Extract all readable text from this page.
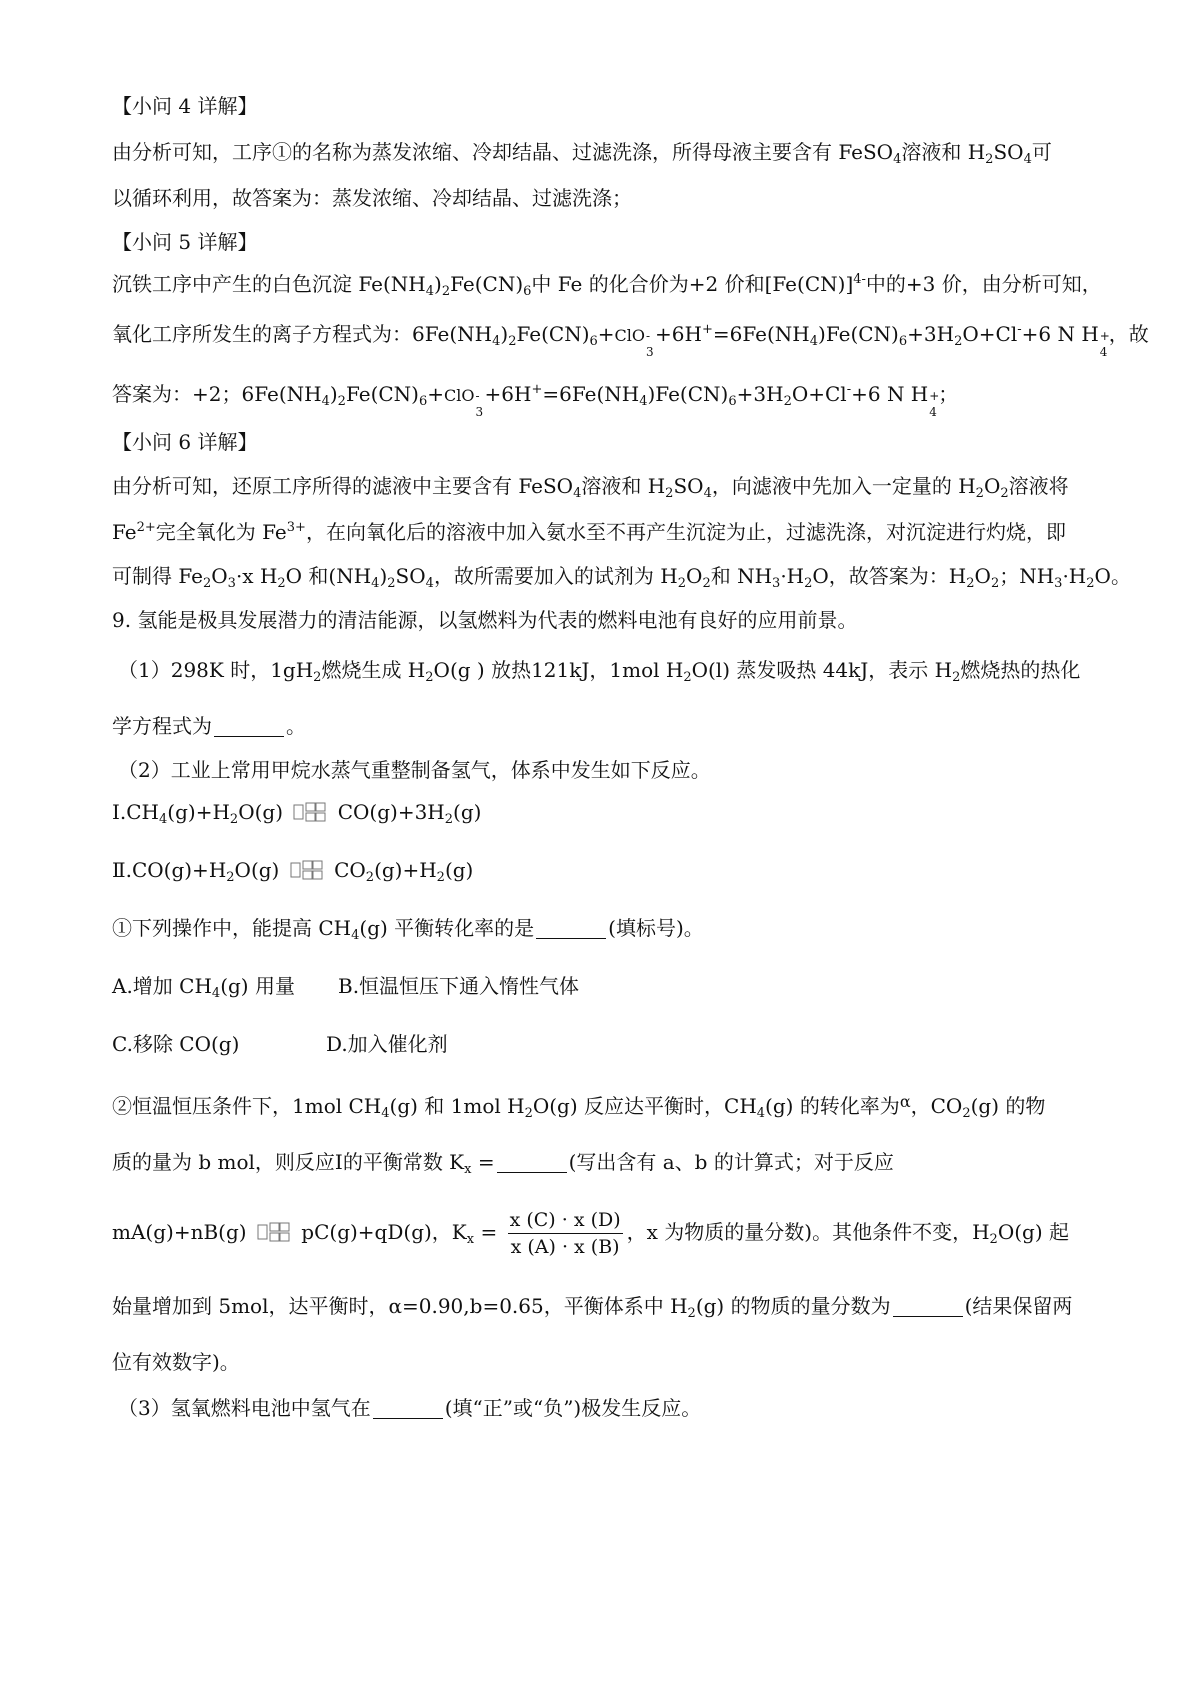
【小问 4 详解】
由分析可知，工序①的名称为蒸发浓缩、冷却结晶、过滤洗涤，所得母液主要含有 FeSO$_4$溶液和 $H_2SO_4$可
以循环利用，故答案为：蒸发浓缩、冷却结晶、过滤洗涤；
【小问 5 详解】
沉铁工序中产生的白色沉淀 $Fe(NH_4)_2Fe(CN)_6$中 Fe 的化合价为+2 价和$[Fe(CN)]^{4-}$中的+3 价，由分析可知，
氧化工序所发生的离子方程式为：$6Fe(NH_4)_2Fe(CN)_6+ClO$ -
3
$+6H^+=6Fe(NH_4)Fe(CN)_6+3H_2O+Cl^-+6$ N H +
4
，故
答案为：+2；$6Fe(NH_4)_2Fe(CN)_6+ClO$ -
3
$+6H^+=6Fe(NH_4)Fe(CN)_6+3H_2O+Cl^-+6$ N H +
4
；
【小问 6 详解】
由分析可知，还原工序所得的滤液中主要含有 FeSO$_4$溶液和 $H_2SO_4$，向滤液中先加入一定量的 $H_2O_2$溶液将
$Fe^{2+}$完全氧化为 $Fe^{3+}$，在向氧化后的溶液中加入氨水至不再产生沉淀为止，过滤洗涤，对沉淀进行灼烧，即
可制得 $Fe_2O_3\cdot x$ $H_2O$ 和$(NH_4)_2SO_4$，故所需要加入的试剂为 $H_2O_2$和 $NH_3\cdot H_2O$，故答案为：$H_2O_2$；$NH_3\cdot H_2O$。
9. 氢能是极具发展潜力的清洁能源，以氢燃料为代表的燃料电池有良好的应用前景。
（1）298K 时，$1gH_2$燃烧生成 $H_2O(g$ ) 放热121kJ，1mol $H_2O(l)$ 蒸发吸热 44kJ，表示 $H_2$燃烧热的热化
学方程式为	。
（2）工业上常用甲烷水蒸气重整制备氢气，体系中发生如下反应。
$Ⅰ.CH_4(g)+H_2O(g)$	$CO(g)+3H_2(g)$
$Ⅱ.CO(g)+H_2O(g)$	$CO_2(g)+H_2(g)$
①下列操作中，能提高 $CH_4(g)$ 平衡转化率的是	(填标号)。
A.增加 $CH_4(g)$ 用量 B.恒温恒压下通入惰性气体
C.移除 CO(g)	D.加入催化剂
②恒温恒压条件下，1mol $CH_4(g)$ 和 1mol $H_2O(g)$ 反应达平衡时，$CH_4(g)$ 的转化率为$^\alpha$，$CO_2(g)$ 的物
质的量为 b mol，则反应Ⅰ的平衡常数 $K_x$ =	(写出含有 a、b 的计算式；对于反应
mA(g)+nB(g)	pC(g)+qD(g)，$K_x = \frac{x (C) \cdot x (D)}{x (A) \cdot x (B)}$ ，x 为物质的量分数)。其他条件不变，$H_2O(g)$ 起
始量增加到 5mol，达平衡时，α=0.90,b=0.65，平衡体系中 $H_2(g)$ 的物质的量分数为	(结果保留两
位有效数字)。
（3）氢氧燃料电池中氢气在	(填“正”或“负”)极发生反应。
